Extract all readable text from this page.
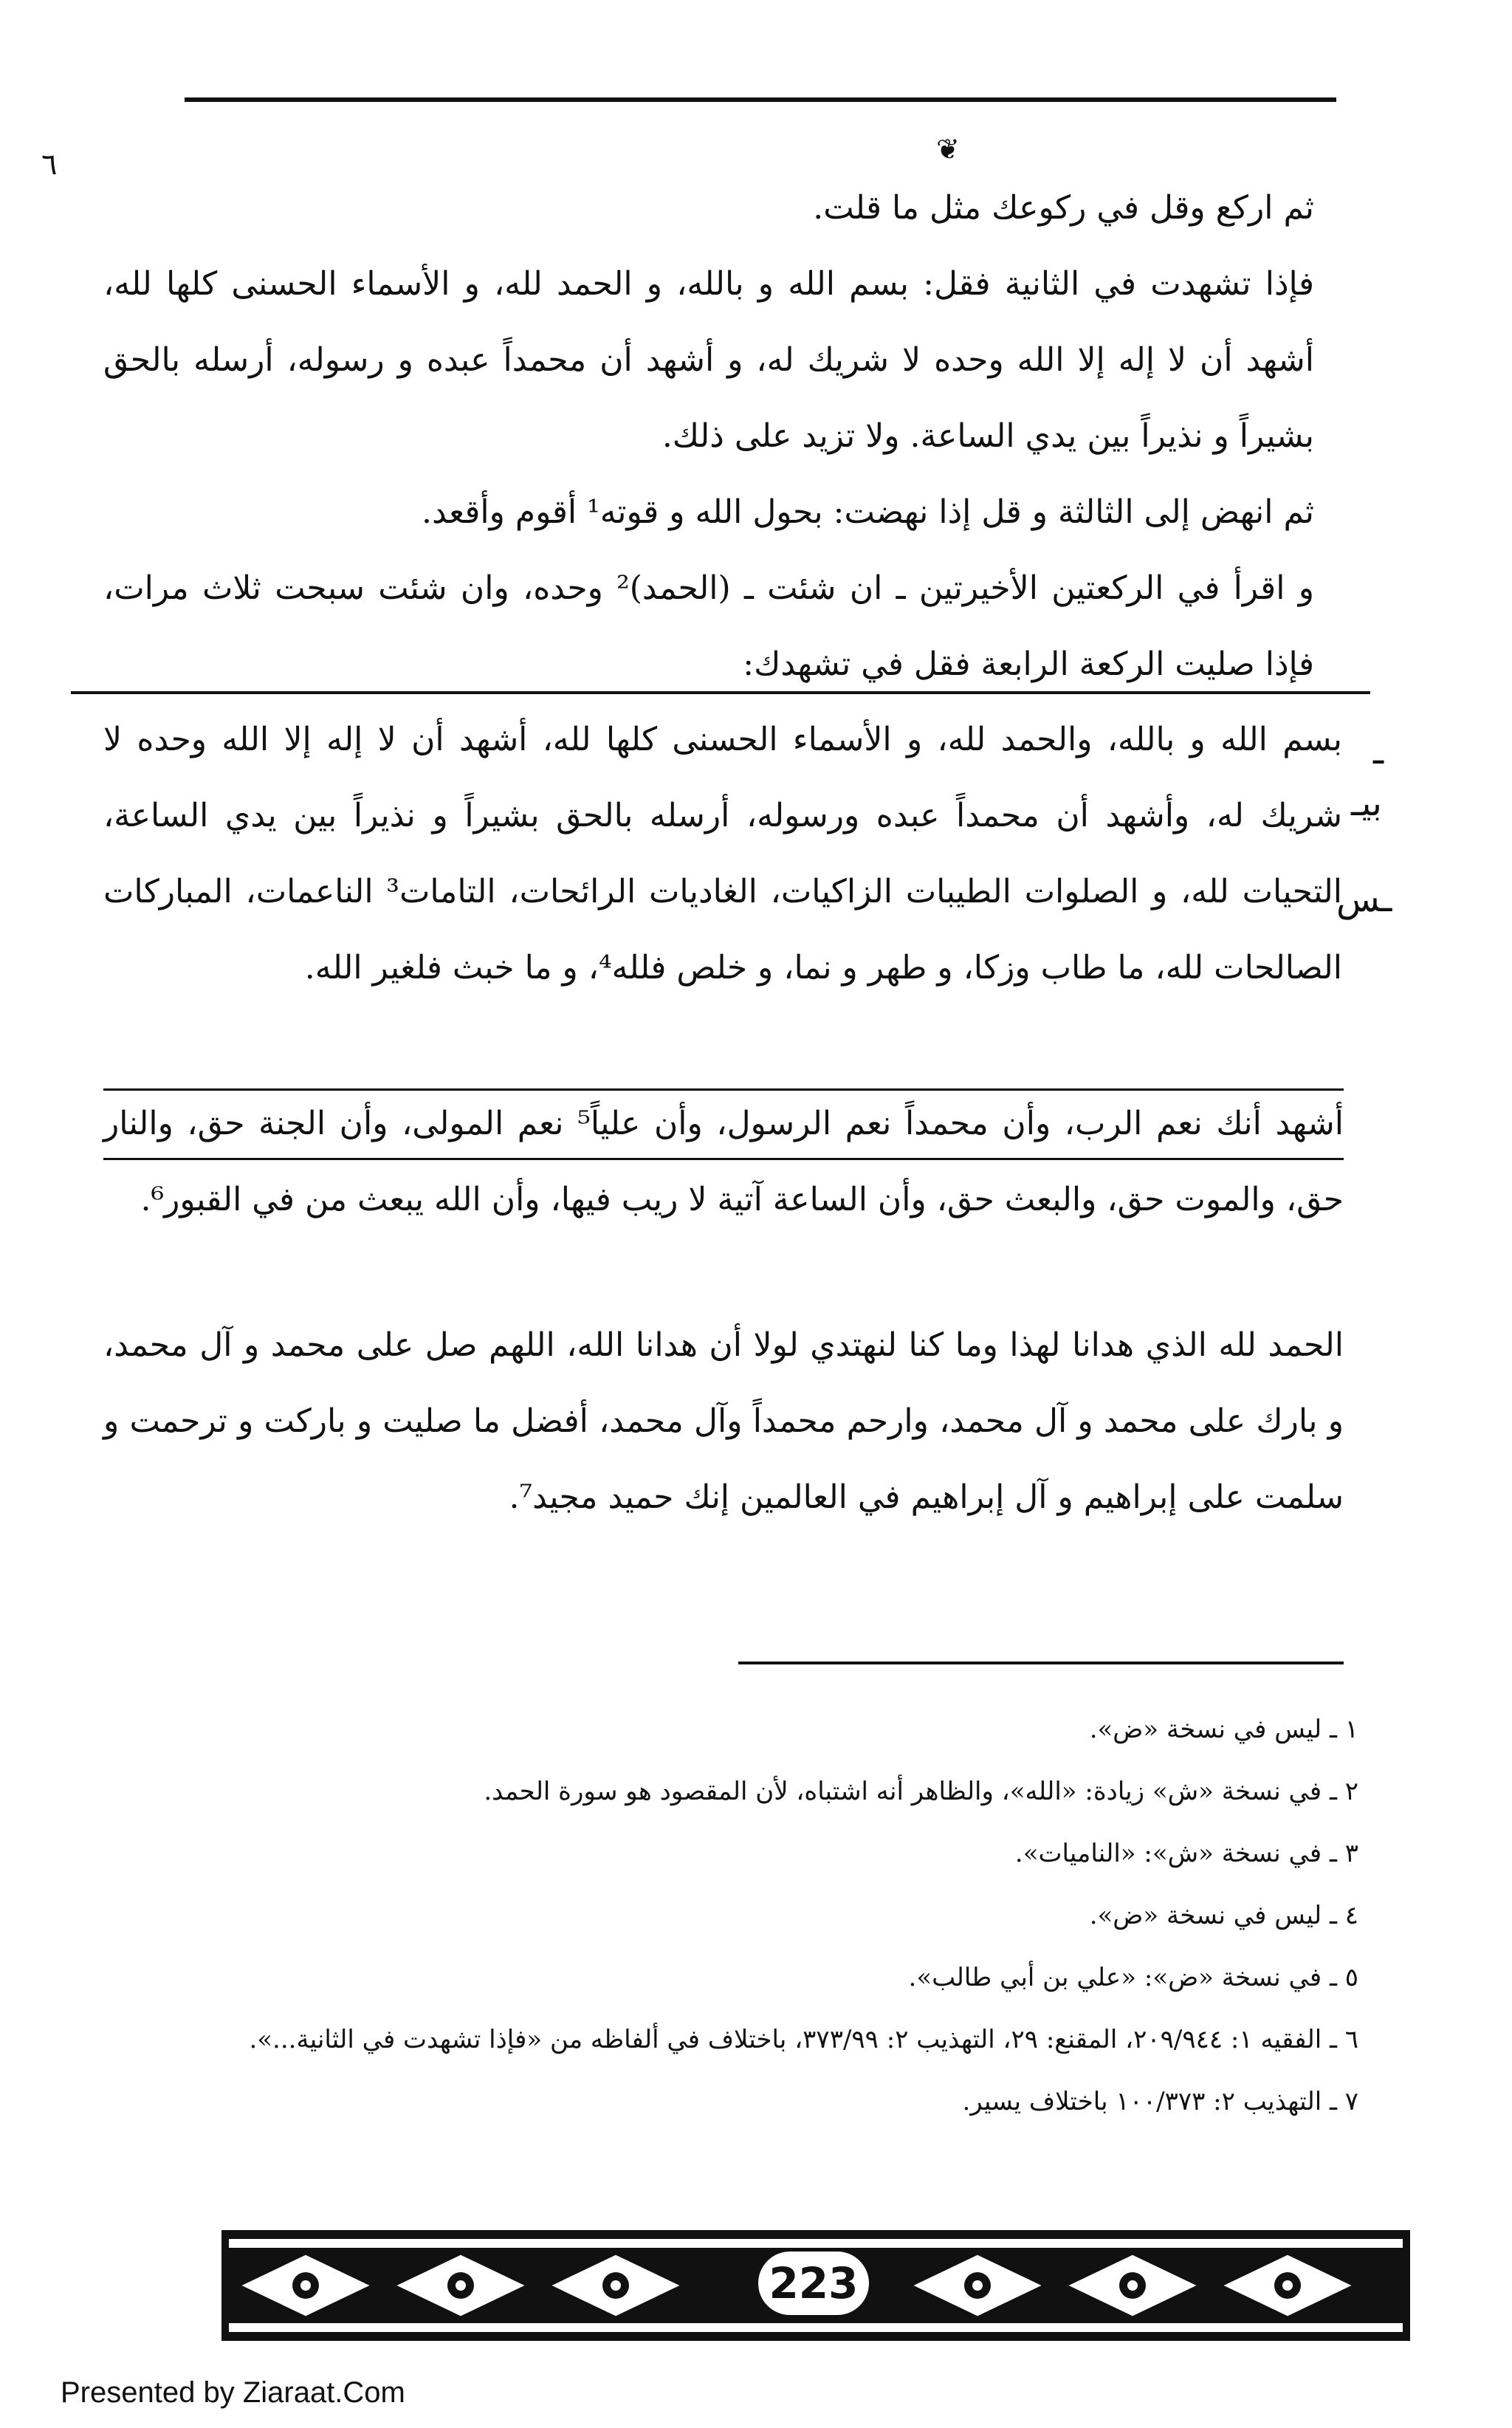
❦
٦

ثم اركع وقل في ركوعك مثل ما قلت.

فإذا تشهدت في الثانية فقل: بسم الله و بالله، و الحمد لله، و الأسماء الحسنى كلها لله، أشهد أن لا إله إلا الله وحده لا شريك له، و أشهد أن محمداً عبده و رسوله، أرسله بالحق بشيراً و نذيراً بين يدي الساعة. ولا تزيد على ذلك.

ثم انهض إلى الثالثة و قل إذا نهضت: بحول الله و قوته¹ أقوم وأقعد.

و اقرأ في الركعتين الأخيرتين ـ ان شئت ـ (الحمد)² وحده، وان شئت سبحت ثلاث مرات، فإذا صليت الركعة الرابعة فقل في تشهدك:

بسم الله و بالله، والحمد لله، و الأسماء الحسنى كلها لله، أشهد أن لا إله إلا الله وحده لا شريك له، وأشهد أن محمداً عبده ورسوله، أرسله بالحق بشيراً و نذيراً بين يدي الساعة، التحيات لله، و الصلوات الطيبات الزاكيات، الغاديات الرائحات، التامات³ الناعمات، المباركات الصالحات لله، ما طاب وزكا، و طهر و نما، و خلص فلله⁴، و ما خبث فلغير الله.

ـ
بيـ
ـس

أشهد أنك نعم الرب، وأن محمداً نعم الرسول، وأن علياً⁵ نعم المولى، وأن الجنة حق، والنار حق، والموت حق، والبعث حق، وأن الساعة آتية لا ريب فيها، وأن الله يبعث من في القبور⁶.

الحمد لله الذي هدانا لهذا وما كنا لنهتدي لولا أن هدانا الله، اللهم صل على محمد و آل محمد، و بارك على محمد و آل محمد، وارحم محمداً وآل محمد، أفضل ما صليت و باركت و ترحمت و سلمت على إبراهيم و آل إبراهيم في العالمين إنك حميد مجيد⁷.

١ ـ ليس في نسخة «ض».

٢ ـ في نسخة «ش» زيادة: «الله»، والظاهر أنه اشتباه، لأن المقصود هو سورة الحمد.

٣ ـ في نسخة «ش»: «الناميات».

٤ ـ ليس في نسخة «ض».

٥ ـ في نسخة «ض»: «علي بن أبي طالب».

٦ ـ الفقيه ١: ٢٠٩/٩٤٤، المقنع: ٢٩، التهذيب ٢: ٣٧٣/٩٩، باختلاف في ألفاظه من «فإذا تشهدت في الثانية...».

٧ ـ التهذيب ٢: ١٠٠/٣٧٣ باختلاف يسير.

223
Presented by Ziaraat.Com
